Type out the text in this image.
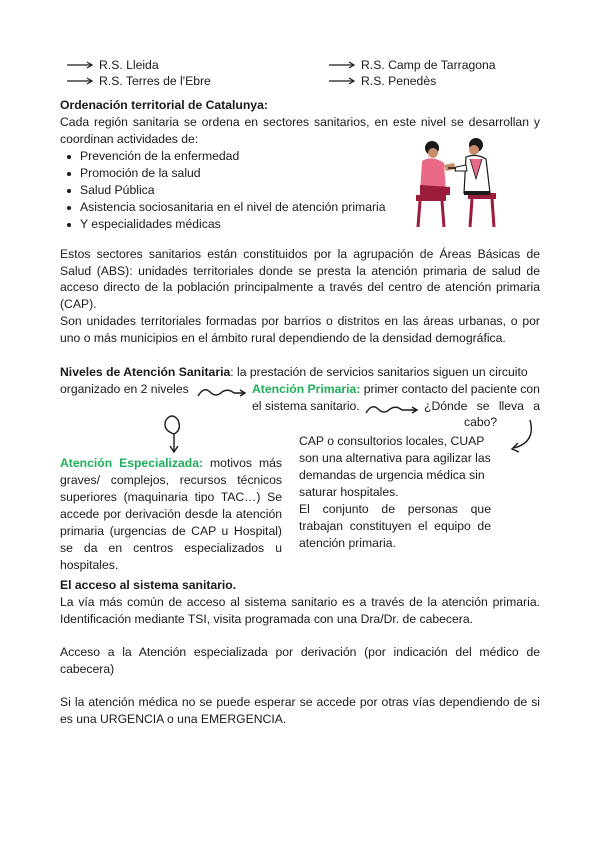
R.S. Lleida	R.S. Camp de Tarragona
R.S. Terres de l'Ebre	R.S. Penedès
Ordenación territorial de Catalunya:

Cada región sanitaria se ordena en sectores sanitarios, en este nivel se desarrollan y coordinan actividades de:

Prevención de la enfermedad
Promoción de la salud
Salud Pública
Asistencia sociosanitaria en el nivel de atención primaria
Y especialidades médicas

Estos sectores sanitarios están constituidos por la agrupación de Áreas Básicas de Salud (ABS): unidades territoriales donde se presta la atención primaria de salud de acceso directo de la población principalmente a través del centro de atención primaria (CAP).

Son unidades territoriales formadas por barrios o distritos en las áreas urbanas, o por uno o más municipios en el ámbito rural dependiendo de la densidad demográfica.

Niveles de Atención Sanitaria: la prestación de servicios sanitarios siguen un circuito

organizado en 2 niveles	Atención Primaria: primer contacto del paciente con
el sistema sanitario.	¿Dónde se lleva a
cabo?
CAP o consultorios locales, CUAP
son una alternativa para agilizar las
demandas de urgencia médica sin
saturar hospitales.
El conjunto de personas que
trabajan constituyen el equipo de
atención primaria.

Atención Especializada: motivos más graves/ complejos, recursos técnicos superiores (maquinaria tipo TAC…) Se accede por derivación desde la atención primaria (urgencias de CAP u Hospital) se da en centros especializados u hospitales.

El acceso al sistema sanitario.

La vía más común de acceso al sistema sanitario es a través de la atención primaria. Identificación mediante TSI, visita programada con una Dra/Dr. de cabecera.

Acceso a la Atención especializada por derivación (por indicación del médico de cabecera)

Si la atención médica no se puede esperar se accede por otras vías dependiendo de si es una URGENCIA o una EMERGENCIA.
